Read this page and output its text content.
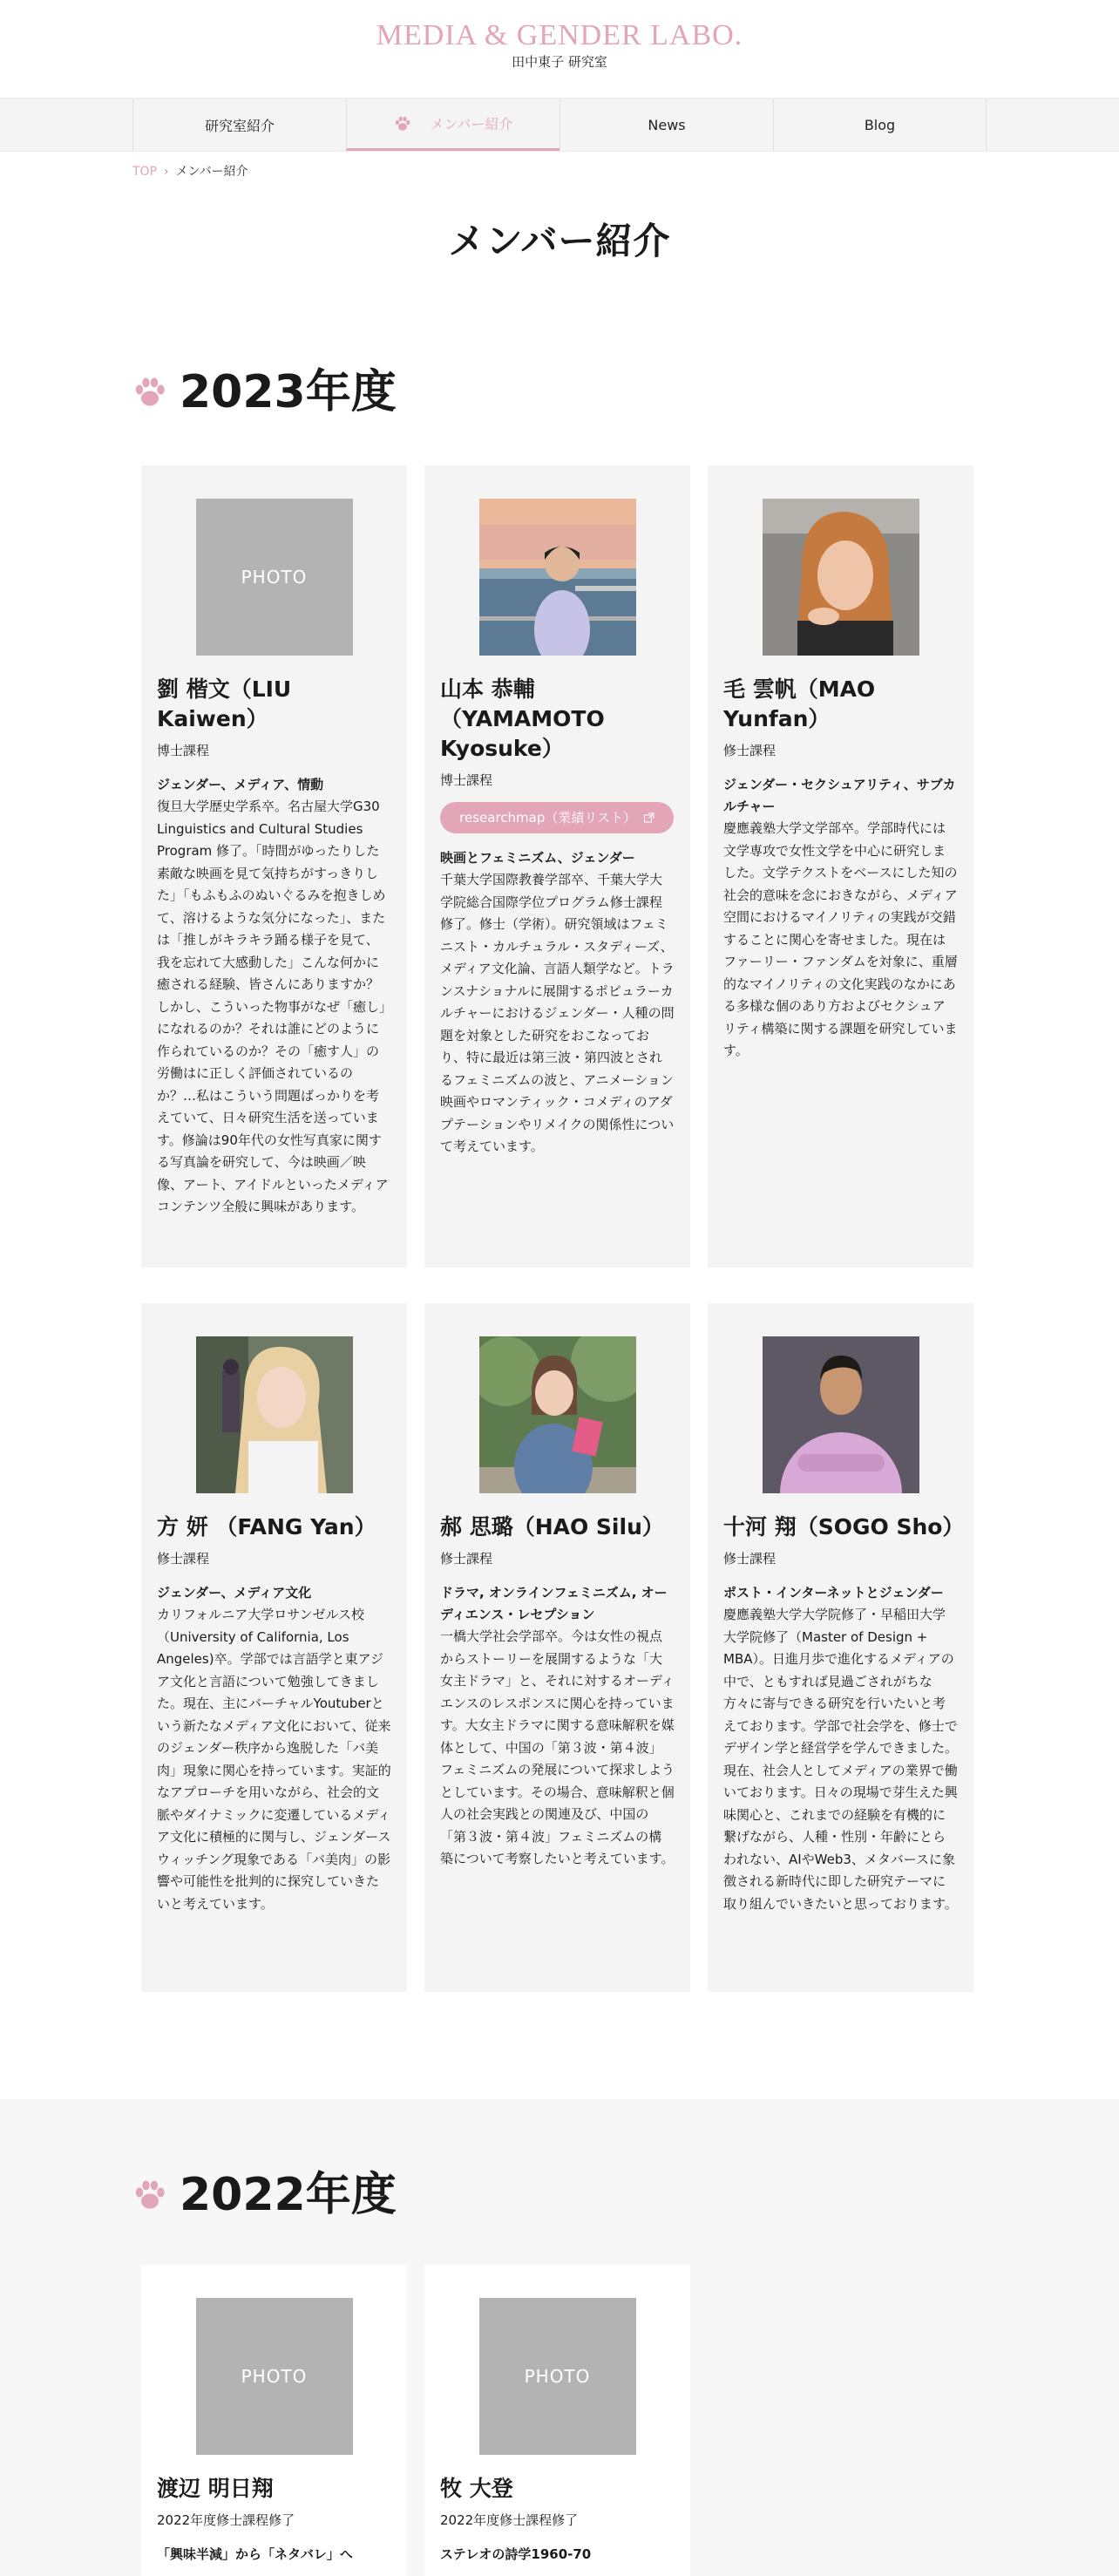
MEDIA & GENDER LABO.
田中東子 研究室
研究室紹介	メンバー紹介	News	Blog
TOP › メンバー紹介
メンバー紹介
2023年度
PHOTO
劉 楷文（LIU Kaiwen）
博士課程
ジェンダー、メディア、情動
復旦大学歴史学系卒。名古屋大学G30 Linguistics and Cultural Studies Program 修了。「時間がゆったりした素敵な映画を見て気持ちがすっきりした」「もふもふのぬいぐるみを抱きしめて、溶けるような気分になった」、または「推しがキラキラ踊る様子を見て、我を忘れて大感動した」こんな何かに癒される経験、皆さんにありますか？しかし、こういった物事がなぜ「癒し」になれるのか？それは誰にどのように作られているのか？その「癒す人」の労働はに正しく評価されているのか？…私はこういう問題ばっかりを考えていて、日々研究生活を送っています。修論は90年代の女性写真家に関する写真論を研究して、今は映画／映像、アート、アイドルといったメディアコンテンツ全般に興味があります。
山本 恭輔（YAMAMOTO Kyosuke）
博士課程
researchmap（業績リスト）
映画とフェミニズム、ジェンダー
千葉大学国際教養学部卒、千葉大学大学院総合国際学位プログラム修士課程修了。修士（学術）。研究領域はフェミニスト・カルチュラル・スタディーズ、メディア文化論、言語人類学など。トランスナショナルに展開するポピュラーカルチャーにおけるジェンダー・人種の問題を対象とした研究をおこなっており、特に最近は第三波・第四波とされるフェミニズムの波と、アニメーション映画やロマンティック・コメディのアダプテーションやリメイクの関係性について考えています。
毛 雲帆（MAO Yunfan）
修士課程
ジェンダー・セクシュアリティ、サブカルチャー
慶應義塾大学文学部卒。学部時代には文学専攻で女性文学を中心に研究しました。文学テクストをベースにした知の社会的意味を念におきながら、メディア空間におけるマイノリティの実践が交錯することに関心を寄せました。現在はファーリー・ファンダムを対象に、重層的なマイノリティの文化実践のなかにある多様な個のあり方およびセクシュアリティ構築に関する課題を研究しています。
方 妍 （FANG Yan）
修士課程
ジェンダー、メディア文化
カリフォルニア大学ロサンゼルス校（University of California, Los Angeles)卒。学部では言語学と東アジア文化と言語について勉強してきました。現在、主にバーチャルYoutuberという新たなメディア文化において、従来のジェンダー秩序から逸脱した「バ美肉」現象に関心を持っています。実証的なアプローチを用いながら、社会的文脈やダイナミックに変遷しているメディア文化に積極的に関与し、ジェンダースウィッチング現象である「バ美肉」の影響や可能性を批判的に探究していきたいと考えています。
郝 思璐（HAO Silu）
修士課程
ドラマ, オンラインフェミニズム, オーディエンス・レセプション
一橋大学社会学部卒。今は女性の視点からストーリーを展開するような「大女主ドラマ」と、それに対するオーディエンスのレスポンスに関心を持っています。大女主ドラマに関する意味解釈を媒体として、中国の「第３波・第４波」フェミニズムの発展について探求しようとしています。その場合、意味解釈と個人の社会実践との関連及び、中国の「第３波・第４波」フェミニズムの構築について考察したいと考えています。
十河 翔（SOGO Sho）
修士課程
ポスト・インターネットとジェンダー
慶應義塾大学大学院修了・早稲田大学大学院修了（Master of Design + MBA）。日進月歩で進化するメディアの中で、ともすれば見過ごされがちな方々に寄与できる研究を行いたいと考えております。学部で社会学を、修士でデザイン学と経営学を学んできました。現在、社会人としてメディアの業界で働いております。日々の現場で芽生えた興味関心と、これまでの経験を有機的に繋げながら、人種・性別・年齢にとらわれない、AIやWeb3、メタバースに象徴される新時代に即した研究テーマに取り組んでいきたいと思っております。
2022年度
PHOTO
渡辺 明日翔
2022年度修士課程修了
「興味半減」から「ネタバレ」へ
PHOTO
牧 大登
2022年度修士課程修了
ステレオの詩学1960-70
